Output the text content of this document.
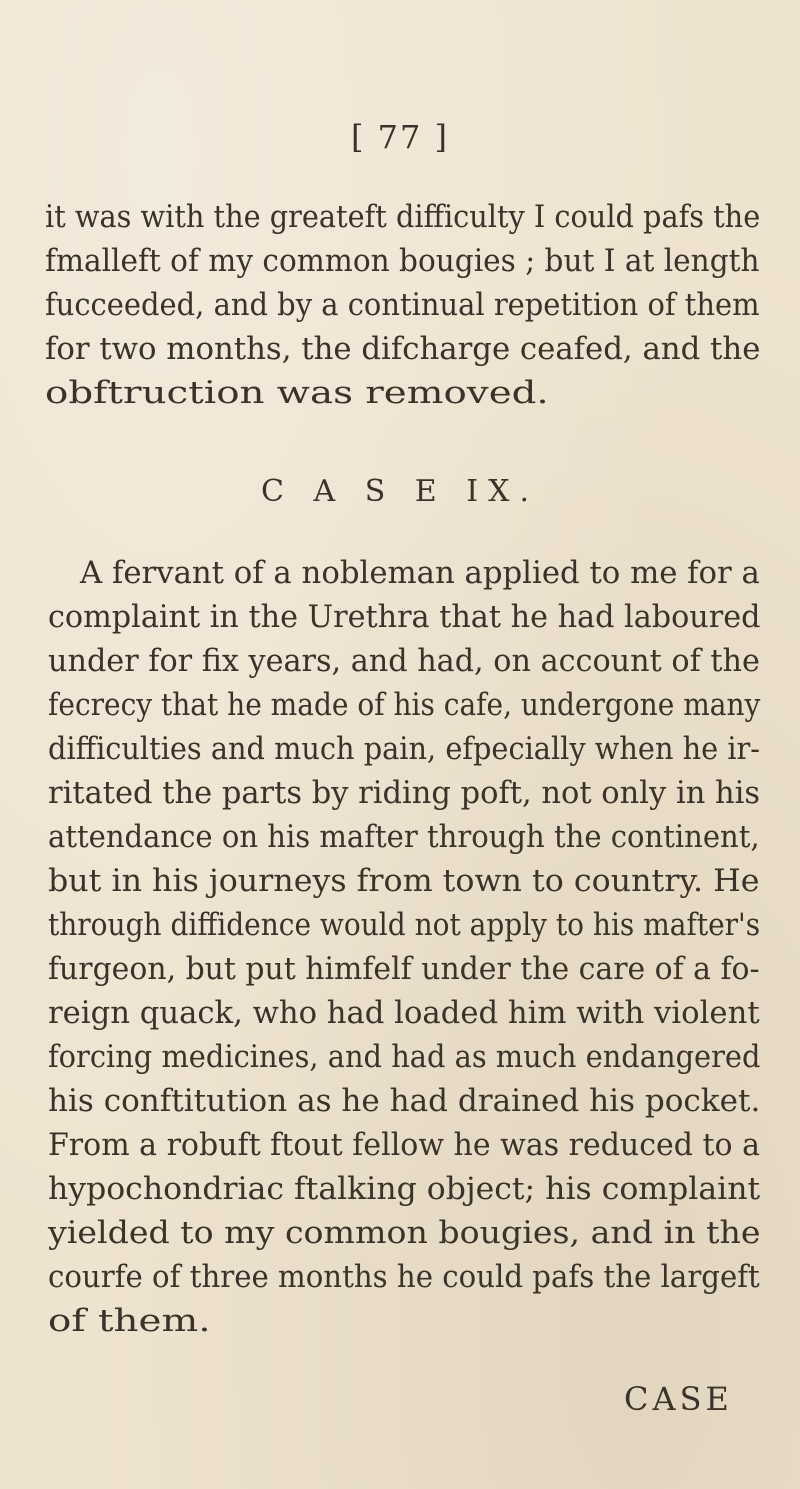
[ 77 ]
it was with the greateft difficulty I could pafs the
fmalleft of my common bougies ; but I at length
fucceeded, and by a continual repetition of them
for two months, the difcharge ceafed, and the
obftruction was removed.
C A S E IX.
A fervant of a nobleman applied to me for a
complaint in the Urethra that he had laboured
under for fix years, and had, on account of the
fecrecy that he made of his cafe, undergone many
difficulties and much pain, efpecially when he ir-
ritated the parts by riding poft, not only in his
attendance on his mafter through the continent,
but in his journeys from town to country. He
through diffidence would not apply to his mafter's
furgeon, but put himfelf under the care of a fo-
reign quack, who had loaded him with violent
forcing medicines, and had as much endangered
his conftitution as he had drained his pocket.
From a robuft ftout fellow he was reduced to a
hypochondriac ftalking object; his complaint
yielded to my common bougies, and in the
courfe of three months he could pafs the largeft
of them.
CASE
